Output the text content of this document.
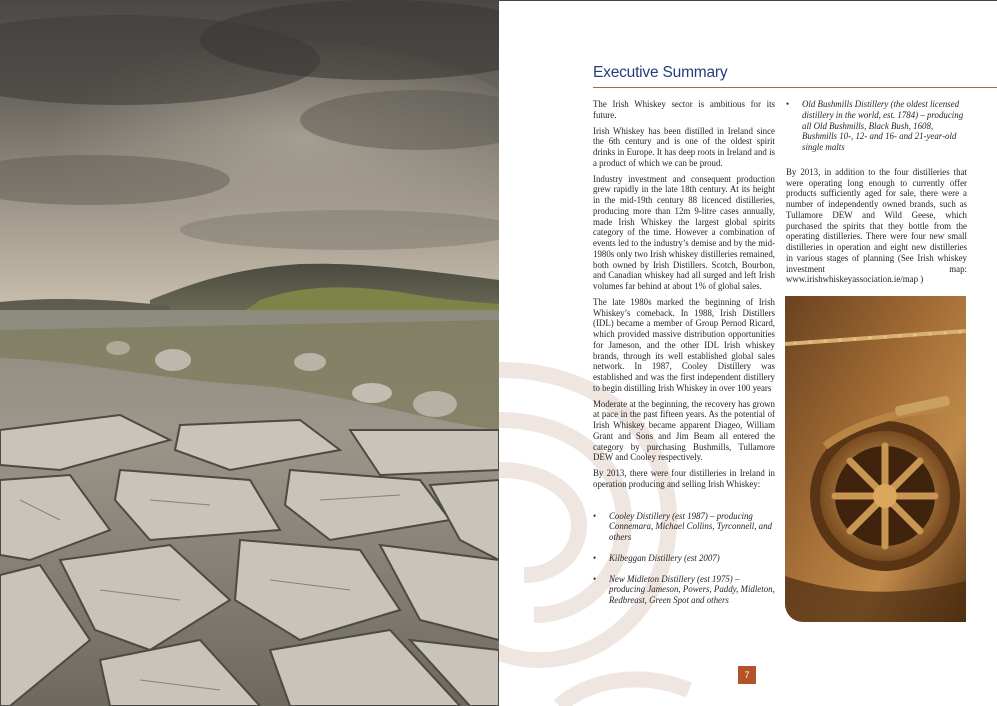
Executive Summary

The Irish Whiskey sector is ambitious for its future.

Irish Whiskey has been distilled in Ireland since the 6th century and is one of the oldest spirit drinks in Europe. It has deep roots in Ireland and is a product of which we can be proud.

Industry investment and consequent production grew rapidly in the late 18th century. At its height in the mid-19th century 88 licenced distilleries, producing more than 12m 9-litre cases annually, made Irish Whiskey the largest global spirits category of the time. However a combination of events led to the industry’s demise and by the mid-1980s only two Irish whiskey distilleries remained, both owned by Irish Distillers. Scotch, Bourbon, and Canadian whiskey had all surged and left Irish volumes far behind at about 1% of global sales.

The late 1980s marked the beginning of Irish Whiskey’s comeback. In 1988, Irish Distillers (IDL) became a member of Group Pernod Ricard, which provided massive distribution opportunities for Jameson, and the other IDL Irish whiskey brands, through its well established global sales network. In 1987, Cooley Distillery was established and was the first independent distillery to begin distilling Irish Whiskey in over 100 years

Moderate at the beginning, the recovery has grown at pace in the past fifteen years. As the potential of Irish Whiskey became apparent Diageo, William Grant and Sons and Jim Beam all entered the category by purchasing Bushmills, Tullamore DEW and Cooley respectively.

By 2013, there were four distilleries in Ireland in operation producing and selling Irish Whiskey:

• Cooley Distillery (est 1987) – producing Connemara, Michael Collins, Tyrconnell, and others
• Kilbeggan Distillery (est 2007)
• New Midleton Distillery (est 1975) – producing Jameson, Powers, Paddy, Midleton, Redbreast, Green Spot and others
• Old Bushmills Distillery (the oldest licensed distillery in the world, est. 1784) – producing all Old Bushmills, Black Bush, 1608, Bushmills 10-, 12- and 16- and 21-year-old single malts

By 2013, in addition to the four distilleries that were operating long enough to currently offer products sufficiently aged for sale, there were a number of independently owned brands, such as Tullamore DEW and Wild Geese, which purchased the spirits that they bottle from the operating distilleries. There were four new small distilleries in operation and eight new distilleries in various stages of planning (See Irish whiskey investment map: www.irishwhiskeyassociation.ie/map )

7
